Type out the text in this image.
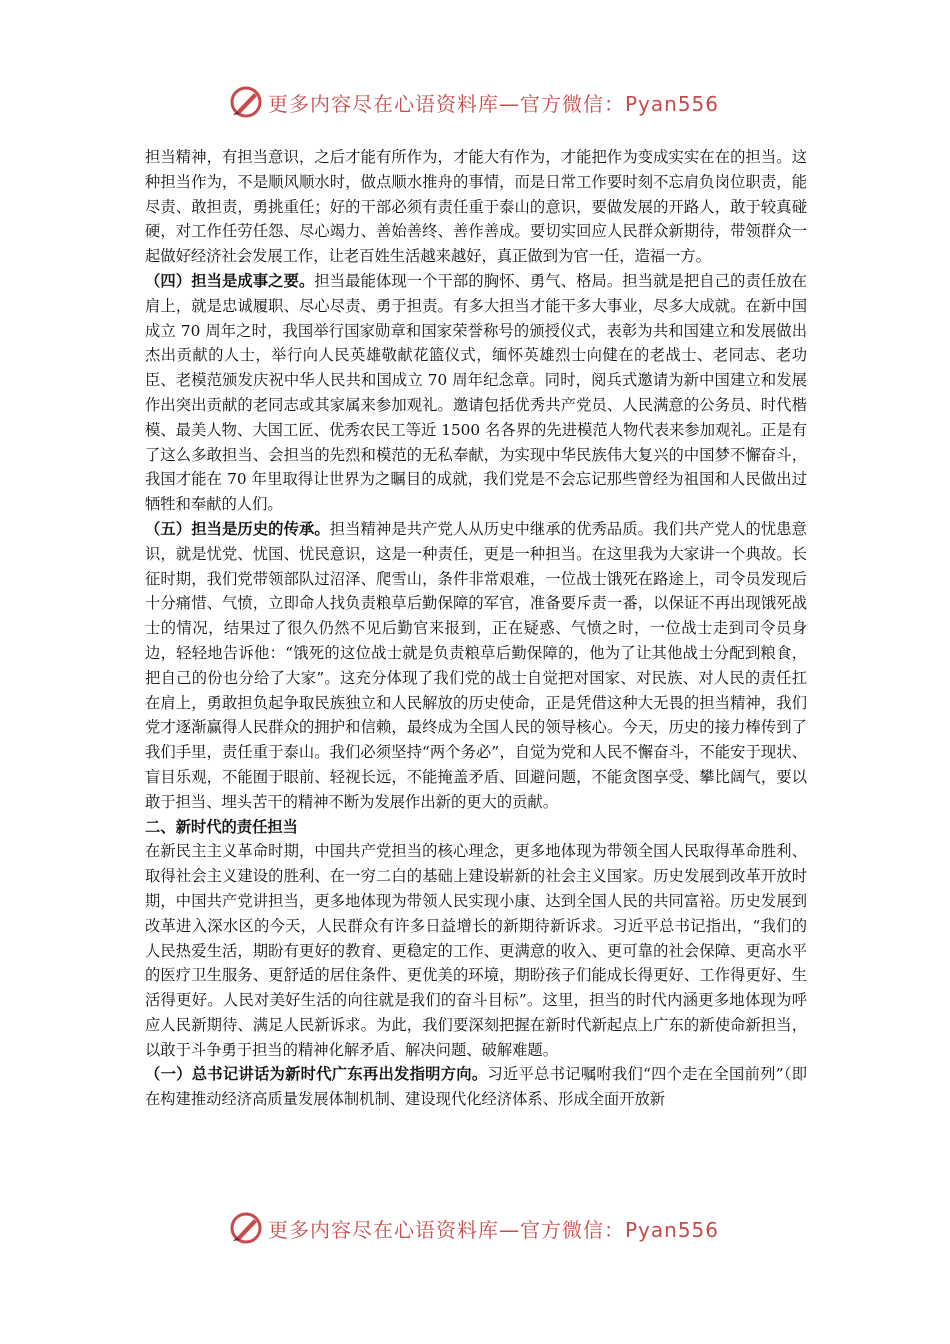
更多内容尽在心语资料库—官方微信：Pyan556

担当精神，有担当意识，之后才能有所作为，才能大有作为，才能把作为变成实实在在的担当。这种担当作为，不是顺风顺水时，做点顺水推舟的事情，而是日常工作要时刻不忘肩负岗位职责，能尽责、敢担责，勇挑重任；好的干部必须有责任重于泰山的意识，要做发展的开路人，敢于较真碰硬，对工作任劳任怨、尽心竭力、善始善终、善作善成。要切实回应人民群众新期待，带领群众一起做好经济社会发展工作，让老百姓生活越来越好，真正做到为官一任，造福一方。

（四）担当是成事之要。担当最能体现一个干部的胸怀、勇气、格局。担当就是把自己的责任放在肩上，就是忠诚履职、尽心尽责、勇于担责。有多大担当才能干多大事业，尽多大成就。在新中国成立 70 周年之时，我国举行国家勋章和国家荣誉称号的颁授仪式，表彰为共和国建立和发展做出杰出贡献的人士，举行向人民英雄敬献花篮仪式，缅怀英雄烈士向健在的老战士、老同志、老功臣、老模范颁发庆祝中华人民共和国成立 70 周年纪念章。同时，阅兵式邀请为新中国建立和发展作出突出贡献的老同志或其家属来参加观礼。邀请包括优秀共产党员、人民满意的公务员、时代楷模、最美人物、大国工匠、优秀农民工等近 1500 名各界的先进模范人物代表来参加观礼。正是有了这么多敢担当、会担当的先烈和模范的无私奉献，为实现中华民族伟大复兴的中国梦不懈奋斗，我国才能在 70 年里取得让世界为之瞩目的成就，我们党是不会忘记那些曾经为祖国和人民做出过牺牲和奉献的人们。

（五）担当是历史的传承。担当精神是共产党人从历史中继承的优秀品质。我们共产党人的忧患意识，就是忧党、忧国、忧民意识，这是一种责任，更是一种担当。在这里我为大家讲一个典故。长征时期，我们党带领部队过沼泽、爬雪山，条件非常艰难，一位战士饿死在路途上，司令员发现后十分痛惜、气愤，立即命人找负责粮草后勤保障的军官，准备要斥责一番，以保证不再出现饿死战士的情况，结果过了很久仍然不见后勤官来报到，正在疑惑、气愤之时，一位战士走到司令员身边，轻轻地告诉他：“饿死的这位战士就是负责粮草后勤保障的，他为了让其他战士分配到粮食，把自己的份也分给了大家”。这充分体现了我们党的战士自觉把对国家、对民族、对人民的责任扛在肩上，勇敢担负起争取民族独立和人民解放的历史使命，正是凭借这种大无畏的担当精神，我们党才逐渐赢得人民群众的拥护和信赖，最终成为全国人民的领导核心。今天，历史的接力棒传到了我们手里，责任重于泰山。我们必须坚持“两个务必”，自觉为党和人民不懈奋斗，不能安于现状、盲目乐观，不能囿于眼前、轻视长远，不能掩盖矛盾、回避问题，不能贪图享受、攀比阔气，要以敢于担当、埋头苦干的精神不断为发展作出新的更大的贡献。

二、新时代的责任担当

在新民主主义革命时期，中国共产党担当的核心理念，更多地体现为带领全国人民取得革命胜利、取得社会主义建设的胜利、在一穷二白的基础上建设崭新的社会主义国家。历史发展到改革开放时期，中国共产党讲担当，更多地体现为带领人民实现小康、达到全国人民的共同富裕。历史发展到改革进入深水区的今天，人民群众有许多日益增长的新期待新诉求。习近平总书记指出，“我们的人民热爱生活，期盼有更好的教育、更稳定的工作、更满意的收入、更可靠的社会保障、更高水平的医疗卫生服务、更舒适的居住条件、更优美的环境，期盼孩子们能成长得更好、工作得更好、生活得更好。人民对美好生活的向往就是我们的奋斗目标”。这里，担当的时代内涵更多地体现为呼应人民新期待、满足人民新诉求。为此，我们要深刻把握在新时代新起点上广东的新使命新担当，以敢于斗争勇于担当的精神化解矛盾、解决问题、破解难题。

（一）总书记讲话为新时代广东再出发指明方向。习近平总书记嘱咐我们“四个走在全国前列”（即在构建推动经济高质量发展体制机制、建设现代化经济体系、形成全面开放新

更多内容尽在心语资料库—官方微信：Pyan556
